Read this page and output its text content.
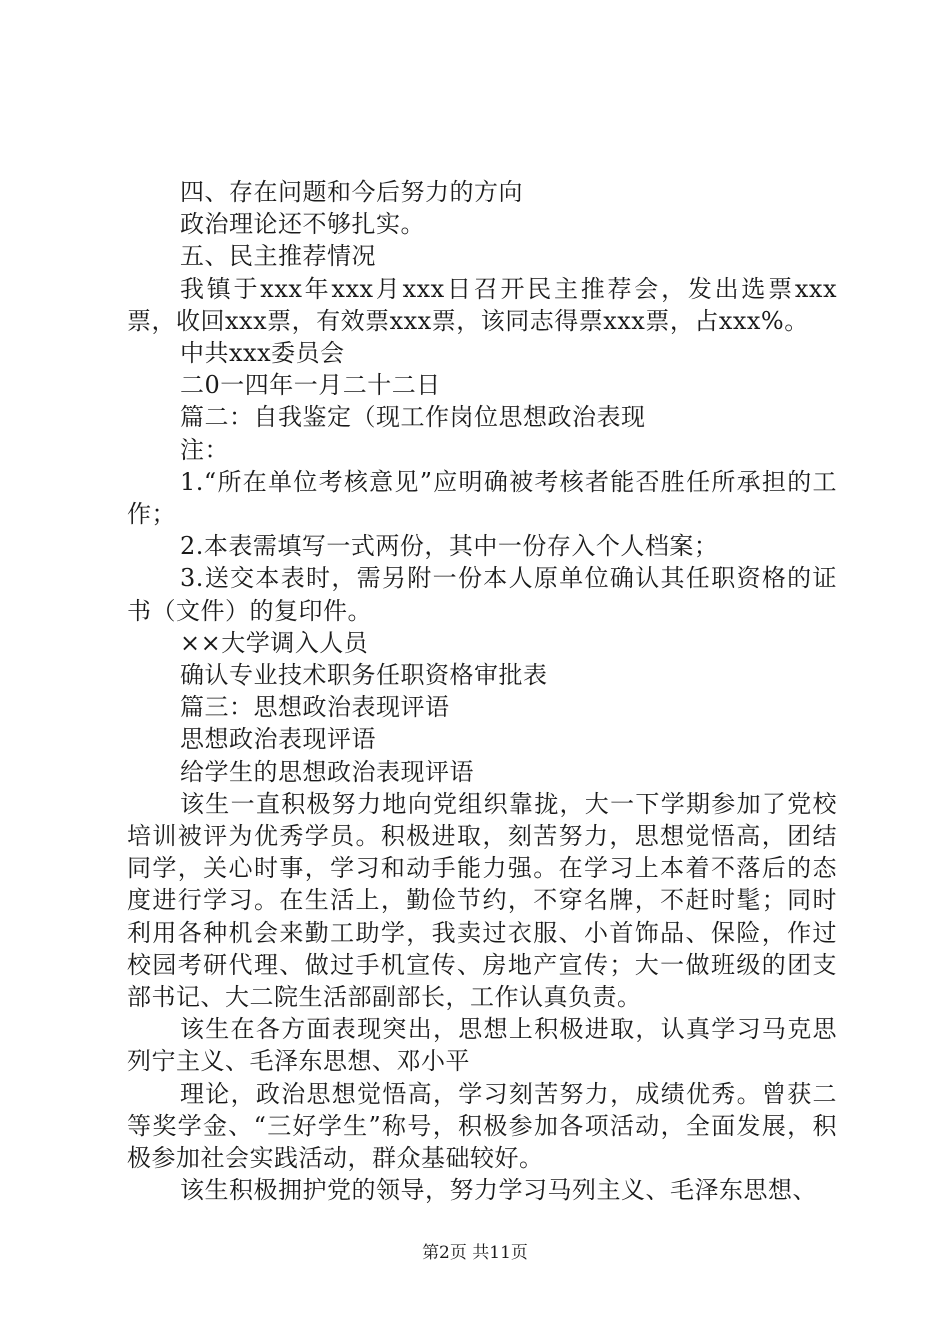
四、存在问题和今后努力的方向

政治理论还不够扎实。

五、民主推荐情况

我镇于xxx年xxx月xxx日召开民主推荐会，发出选票xxx票，收回xxx票，有效票xxx票，该同志得票xxx票，占xxx%。

中共xxx委员会

二0一四年一月二十二日

篇二：自我鉴定（现工作岗位思想政治表现

注：

1.“所在单位考核意见”应明确被考核者能否胜任所承担的工作；

2.本表需填写一式两份，其中一份存入个人档案；

3.送交本表时，需另附一份本人原单位确认其任职资格的证书（文件）的复印件。

××大学调入人员

确认专业技术职务任职资格审批表

篇三：思想政治表现评语

思想政治表现评语

给学生的思想政治表现评语

该生一直积极努力地向党组织靠拢，大一下学期参加了党校培训被评为优秀学员。积极进取，刻苦努力，思想觉悟高，团结同学，关心时事，学习和动手能力强。在学习上本着不落后的态度进行学习。在生活上，勤俭节约，不穿名牌，不赶时髦；同时利用各种机会来勤工助学，我卖过衣服、小首饰品、保险，作过校园考研代理、做过手机宣传、房地产宣传；大一做班级的团支部书记、大二院生活部副部长，工作认真负责。

该生在各方面表现突出，思想上积极进取，认真学习马克思列宁主义、毛泽东思想、邓小平

理论，政治思想觉悟高，学习刻苦努力，成绩优秀。曾获二等奖学金、“三好学生”称号，积极参加各项活动，全面发展，积极参加社会实践活动，群众基础较好。

该生积极拥护党的领导，努力学习马列主义、毛泽东思想、

第2页 共11页
